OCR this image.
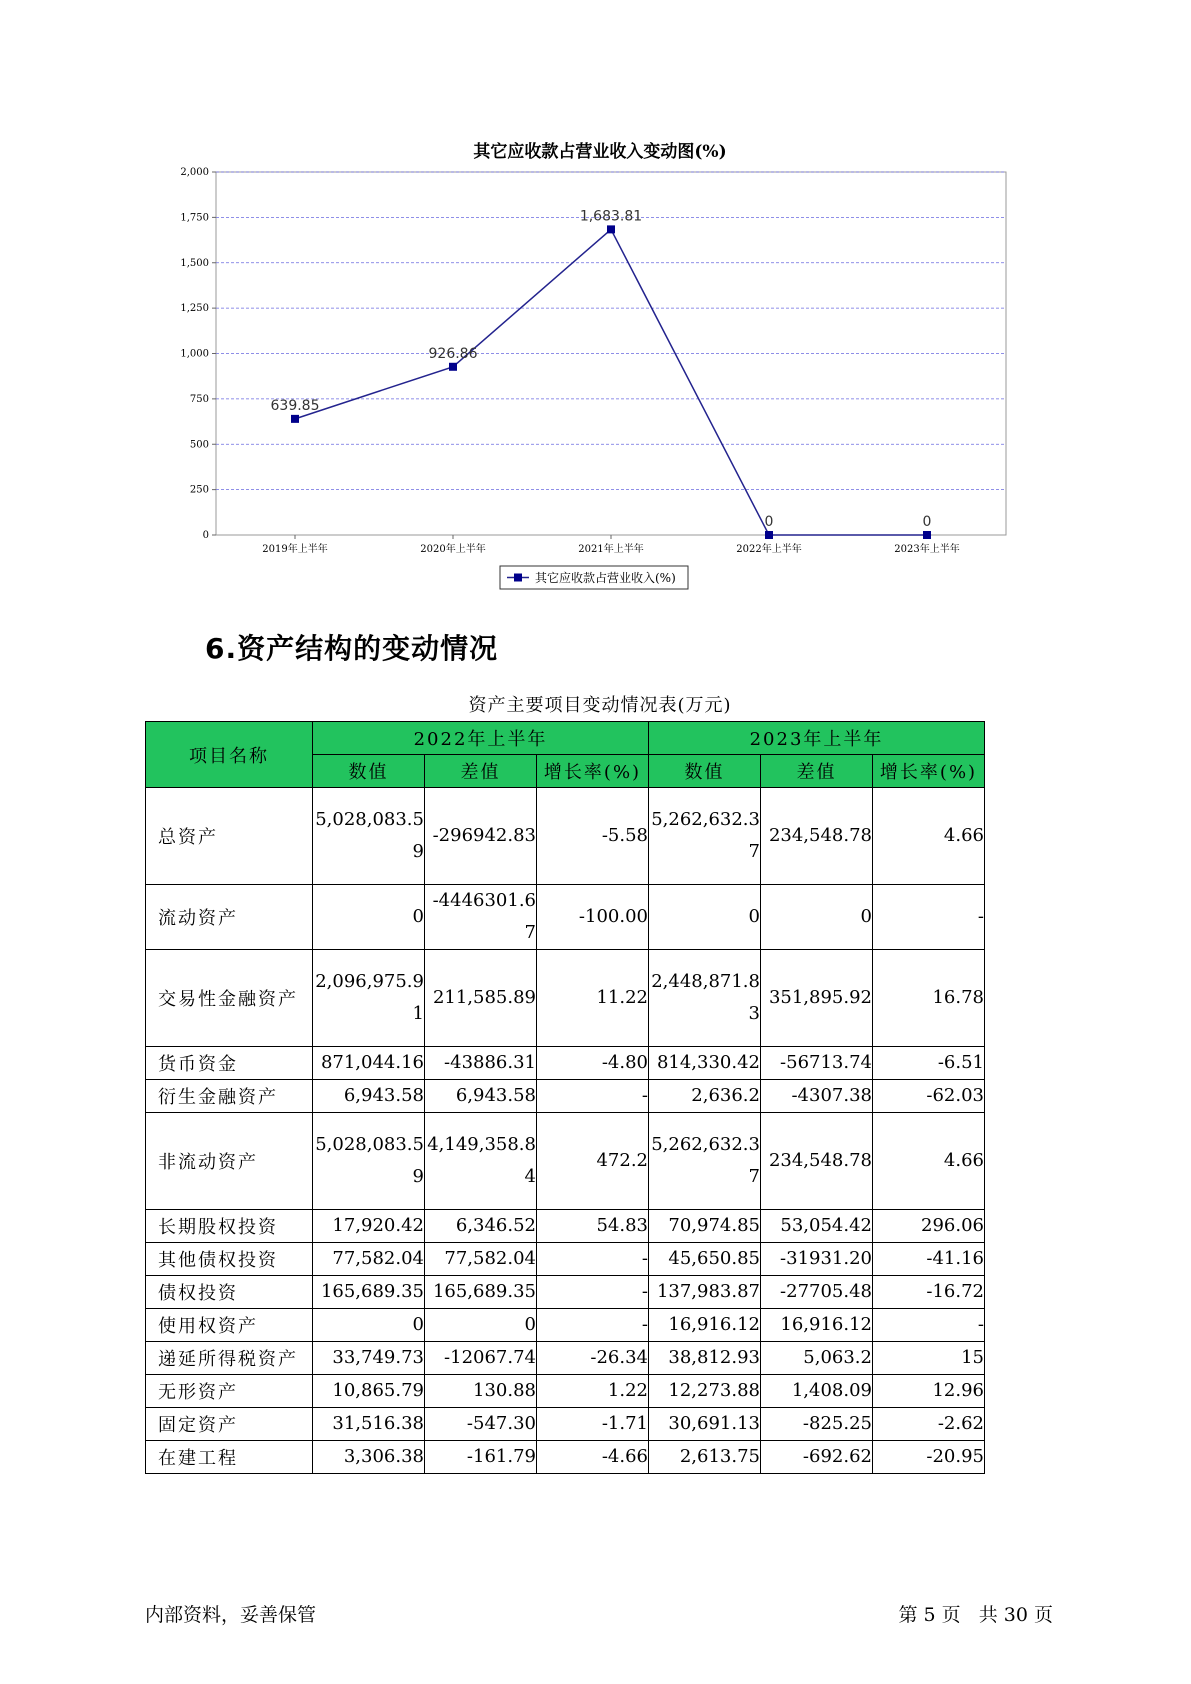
其它应收款占营业收入变动图(%)
0
250
500
750
1,000
1,250
1,500
1,750
2,000
2019年上半年	2020年上半年	2021年上半年	2022年上半年	2023年上半年
639.85
926.86
1,683.81
0	0
其它应收款占营业收入(%)
6.资产结构的变动情况
资产主要项目变动情况表(万元)
项目名称	2022年上半年			2023年上半年		
	数值	差值	增长率(%)	数值	差值	增长率(%)
总资产	5,028,083.59	-296942.83	-5.58	5,262,632.37	234,548.78	4.66
流动资产	0	-4446301.67	-100.00	0	0	-
交易性金融资产	2,096,975.91	211,585.89	11.22	2,448,871.83	351,895.92	16.78
货币资金	871,044.16	-43886.31	-4.80	814,330.42	-56713.74	-6.51
衍生金融资产	6,943.58	6,943.58	-	2,636.2	-4307.38	-62.03
非流动资产	5,028,083.59	4,149,358.84	472.2	5,262,632.37	234,548.78	4.66
长期股权投资	17,920.42	6,346.52	54.83	70,974.85	53,054.42	296.06
其他债权投资	77,582.04	77,582.04	-	45,650.85	-31931.20	-41.16
债权投资	165,689.35	165,689.35	-	137,983.87	-27705.48	-16.72
使用权资产	0	0	-	16,916.12	16,916.12	-
递延所得税资产	33,749.73	-12067.74	-26.34	38,812.93	5,063.2	15
无形资产	10,865.79	130.88	1.22	12,273.88	1,408.09	12.96
固定资产	31,516.38	-547.30	-1.71	30,691.13	-825.25	-2.62
在建工程	3,306.38	-161.79	-4.66	2,613.75	-692.62	-20.95
内部资料，妥善保管	第 5 页   共 30 页
